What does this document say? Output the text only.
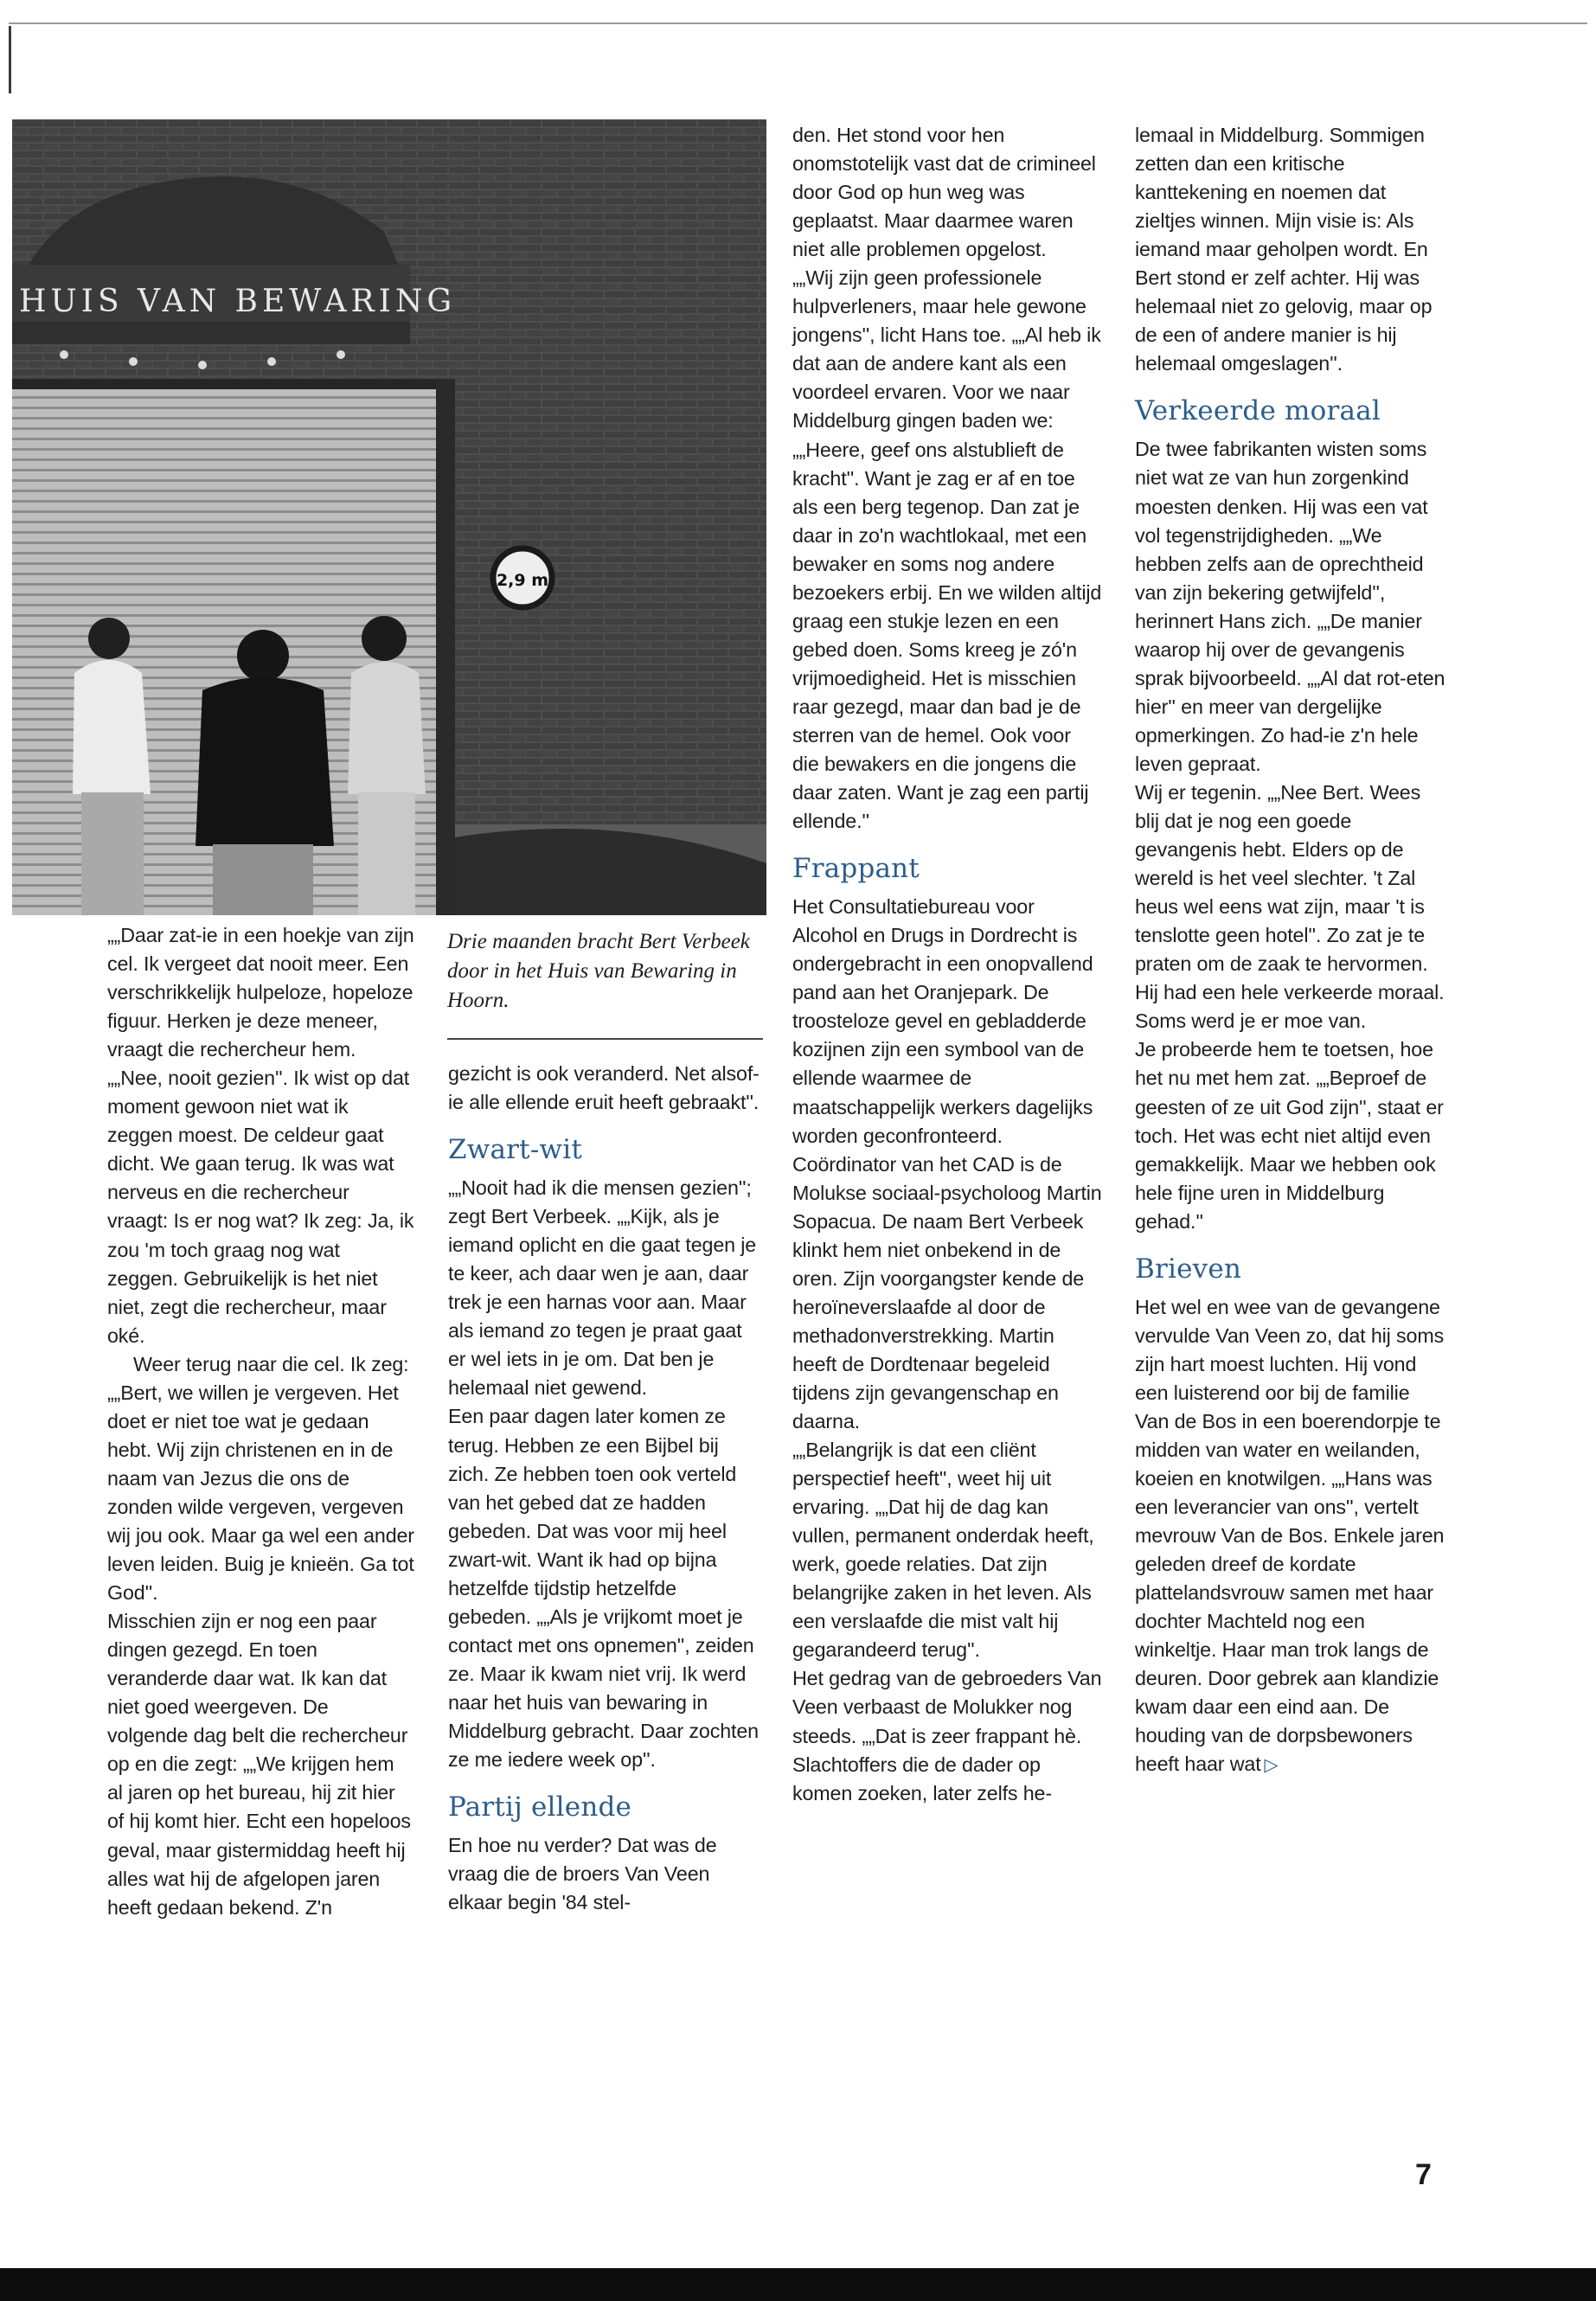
HUIS VAN BEWARING
2,9 m

„„Daar zat-ie in een hoekje van zijn cel. Ik vergeet dat nooit meer. Een verschrikkelijk hulpeloze, hopeloze figuur. Herken je deze meneer, vraagt die rechercheur hem. „„Nee, nooit gezien''. Ik wist op dat moment gewoon niet wat ik zeggen moest. De celdeur gaat dicht. We gaan terug. Ik was wat nerveus en die rechercheur vraagt: Is er nog wat? Ik zeg: Ja, ik zou 'm toch graag nog wat zeggen. Gebruikelijk is het niet niet, zegt die rechercheur, maar oké.

Weer terug naar die cel. Ik zeg: „„Bert, we willen je vergeven. Het doet er niet toe wat je gedaan hebt. Wij zijn christenen en in de naam van Jezus die ons de zonden wilde vergeven, vergeven wij jou ook. Maar ga wel een ander leven leiden. Buig je knieën. Ga tot God''.

Misschien zijn er nog een paar dingen gezegd. En toen veranderde daar wat. Ik kan dat niet goed weergeven. De volgende dag belt die rechercheur op en die zegt: „„We krijgen hem al jaren op het bureau, hij zit hier of hij komt hier. Echt een hopeloos geval, maar gistermiddag heeft hij alles wat hij de afgelopen jaren heeft gedaan bekend. Z'n

Drie maanden bracht Bert Verbeek door in het Huis van Bewaring in Hoorn.

gezicht is ook veranderd. Net alsof-ie alle ellende eruit heeft gebraakt''.

Zwart-wit

„„Nooit had ik die mensen gezien''; zegt Bert Verbeek. „„Kijk, als je iemand oplicht en die gaat tegen je te keer, ach daar wen je aan, daar trek je een harnas voor aan. Maar als iemand zo tegen je praat gaat er wel iets in je om. Dat ben je helemaal niet gewend.

Een paar dagen later komen ze terug. Hebben ze een Bijbel bij zich. Ze hebben toen ook verteld van het gebed dat ze hadden gebeden. Dat was voor mij heel zwart-wit. Want ik had op bijna hetzelfde tijdstip hetzelfde gebeden. „„Als je vrijkomt moet je contact met ons opnemen'', zeiden ze. Maar ik kwam niet vrij. Ik werd naar het huis van bewaring in Middelburg gebracht. Daar zochten ze me iedere week op''.

Partij ellende

En hoe nu verder? Dat was de vraag die de broers Van Veen elkaar begin '84 stel-

den. Het stond voor hen onomstotelijk vast dat de crimineel door God op hun weg was geplaatst. Maar daarmee waren niet alle problemen opgelost.

„„Wij zijn geen professionele hulpverleners, maar hele gewone jongens'', licht Hans toe. „„Al heb ik dat aan de andere kant als een voordeel ervaren. Voor we naar Middelburg gingen baden we: „„Heere, geef ons alstublieft de kracht''. Want je zag er af en toe als een berg tegenop. Dan zat je daar in zo'n wachtlokaal, met een bewaker en soms nog andere bezoekers erbij. En we wilden altijd graag een stukje lezen en een gebed doen. Soms kreeg je zó'n vrijmoedigheid. Het is misschien raar gezegd, maar dan bad je de sterren van de hemel. Ook voor die bewakers en die jongens die daar zaten. Want je zag een partij ellende.''

Frappant

Het Consultatiebureau voor Alcohol en Drugs in Dordrecht is ondergebracht in een onopvallend pand aan het Oranjepark. De troosteloze gevel en gebladderde kozijnen zijn een symbool van de ellende waarmee de maatschappelijk werkers dagelijks worden geconfronteerd.

Coördinator van het CAD is de Molukse sociaal-psycholoog Martin Sopacua. De naam Bert Verbeek klinkt hem niet onbekend in de oren. Zijn voorgangster kende de heroïneverslaafde al door de methadonverstrekking. Martin heeft de Dordtenaar begeleid tijdens zijn gevangenschap en daarna.

„„Belangrijk is dat een cliënt perspectief heeft'', weet hij uit ervaring. „„Dat hij de dag kan vullen, permanent onderdak heeft, werk, goede relaties. Dat zijn belangrijke zaken in het leven. Als een verslaafde die mist valt hij gegarandeerd terug''.

Het gedrag van de gebroeders Van Veen verbaast de Molukker nog steeds. „„Dat is zeer frappant hè. Slachtoffers die de dader op komen zoeken, later zelfs he-

lemaal in Middelburg. Sommigen zetten dan een kritische kanttekening en noemen dat zieltjes winnen. Mijn visie is: Als iemand maar geholpen wordt. En Bert stond er zelf achter. Hij was helemaal niet zo gelovig, maar op de een of andere manier is hij helemaal omgeslagen''.

Verkeerde moraal

De twee fabrikanten wisten soms niet wat ze van hun zorgenkind moesten denken. Hij was een vat vol tegenstrijdigheden. „„We hebben zelfs aan de oprechtheid van zijn bekering getwijfeld'', herinnert Hans zich. „„De manier waarop hij over de gevangenis sprak bijvoorbeeld. „„Al dat rot-eten hier'' en meer van dergelijke opmerkingen. Zo had-ie z'n hele leven gepraat.

Wij er tegenin. „„Nee Bert. Wees blij dat je nog een goede gevangenis hebt. Elders op de wereld is het veel slechter. 't Zal heus wel eens wat zijn, maar 't is tenslotte geen hotel''. Zo zat je te praten om de zaak te hervormen. Hij had een hele verkeerde moraal. Soms werd je er moe van.

Je probeerde hem te toetsen, hoe het nu met hem zat. „„Beproef de geesten of ze uit God zijn'', staat er toch. Het was echt niet altijd even gemakkelijk. Maar we hebben ook hele fijne uren in Middelburg gehad.''

Brieven

Het wel en wee van de gevangene vervulde Van Veen zo, dat hij soms zijn hart moest luchten. Hij vond een luisterend oor bij de familie Van de Bos in een boerendorpje te midden van water en weilanden, koeien en knotwilgen. „„Hans was een leverancier van ons'', vertelt mevrouw Van de Bos. Enkele jaren geleden dreef de kordate plattelandsvrouw samen met haar dochter Machteld nog een winkeltje. Haar man trok langs de deuren. Door gebrek aan klandizie kwam daar een eind aan. De houding van de dorpsbewoners heeft haar wat ▷

7
